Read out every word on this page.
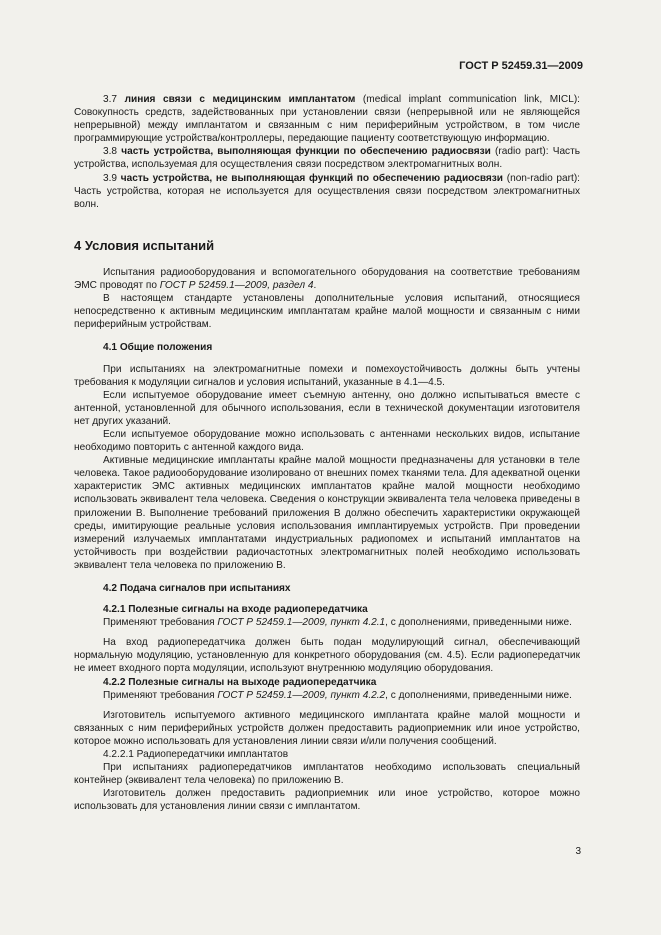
ГОСТ Р 52459.31—2009

3.7 линия связи с медицинским имплантатом (medical implant communication link, MICL): Совокупность средств, задействованных при установлении связи (непрерывной или не являющейся непрерывной) между имплантатом и связанным с ним периферийным устройством, в том числе программирующие устройства/контроллеры, передающие пациенту соответствующую информацию.

3.8 часть устройства, выполняющая функции по обеспечению радиосвязи (radio part): Часть устройства, используемая для осуществления связи посредством электромагнитных волн.

3.9 часть устройства, не выполняющая функций по обеспечению радиосвязи (non-radio part): Часть устройства, которая не используется для осуществления связи посредством электромагнитных волн.

4 Условия испытаний

Испытания радиооборудования и вспомогательного оборудования на соответствие требованиям ЭМС проводят по ГОСТ Р 52459.1—2009, раздел 4.

В настоящем стандарте установлены дополнительные условия испытаний, относящиеся непосредственно к активным медицинским имплантатам крайне малой мощности и связанным с ними периферийным устройствам.

4.1 Общие положения

При испытаниях на электромагнитные помехи и помехоустойчивость должны быть учтены требования к модуляции сигналов и условия испытаний, указанные в 4.1—4.5.

Если испытуемое оборудование имеет съемную антенну, оно должно испытываться вместе с антенной, установленной для обычного использования, если в технической документации изготовителя нет других указаний.

Если испытуемое оборудование можно использовать с антеннами нескольких видов, испытание необходимо повторить с антенной каждого вида.

Активные медицинские имплантаты крайне малой мощности предназначены для установки в теле человека. Такое радиооборудование изолировано от внешних помех тканями тела. Для адекватной оценки характеристик ЭМС активных медицинских имплантатов крайне малой мощности необходимо использовать эквивалент тела человека. Сведения о конструкции эквивалента тела человека приведены в приложении В. Выполнение требований приложения В должно обеспечить характеристики окружающей среды, имитирующие реальные условия использования имплантируемых устройств. При проведении измерений излучаемых имплантатами индустриальных радиопомех и испытаний имплантатов на устойчивость при воздействии радиочастотных электромагнитных полей необходимо использовать эквивалент тела человека по приложению В.

4.2 Подача сигналов при испытаниях

4.2.1 Полезные сигналы на входе радиопередатчика

Применяют требования ГОСТ Р 52459.1—2009, пункт 4.2.1, с дополнениями, приведенными ниже.

На вход радиопередатчика должен быть подан модулирующий сигнал, обеспечивающий нормальную модуляцию, установленную для конкретного оборудования (см. 4.5). Если радиопередатчик не имеет входного порта модуляции, используют внутреннюю модуляцию оборудования.

4.2.2 Полезные сигналы на выходе радиопередатчика

Применяют требования ГОСТ Р 52459.1—2009, пункт 4.2.2, с дополнениями, приведенными ниже.

Изготовитель испытуемого активного медицинского имплантата крайне малой мощности и связанных с ним периферийных устройств должен предоставить радиоприемник или иное устройство, которое можно использовать для установления линии связи и/или получения сообщений.

4.2.2.1 Радиопередатчики имплантатов

При испытаниях радиопередатчиков имплантатов необходимо использовать специальный контейнер (эквивалент тела человека) по приложению В.

Изготовитель должен предоставить радиоприемник или иное устройство, которое можно использовать для установления линии связи с имплантатом.

3
